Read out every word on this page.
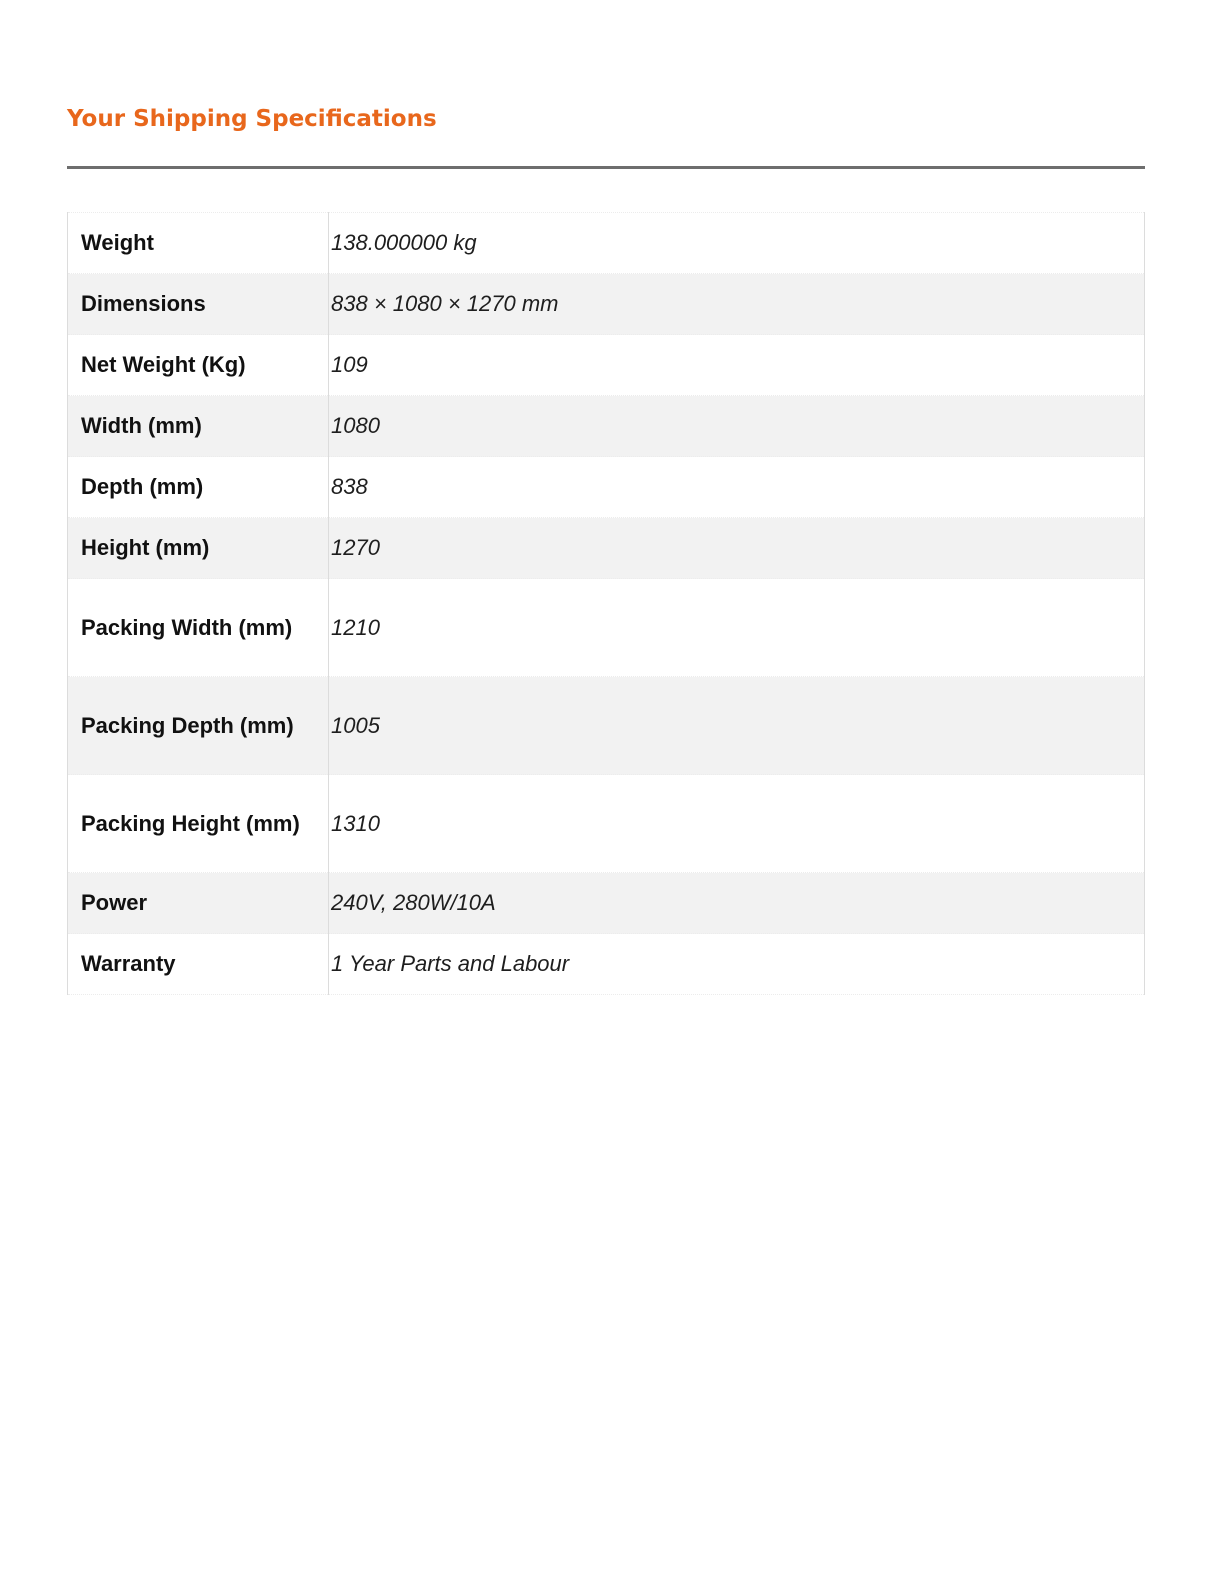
Your Shipping Specifications
Weight	138.000000 kg
Dimensions	838 × 1080 × 1270 mm
Net Weight (Kg)	109
Width (mm)	1080
Depth (mm)	838
Height (mm)	1270
Packing Width (mm)	1210
Packing Depth (mm)	1005
Packing Height (mm)	1310
Power	240V, 280W/10A
Warranty	1 Year Parts and Labour
